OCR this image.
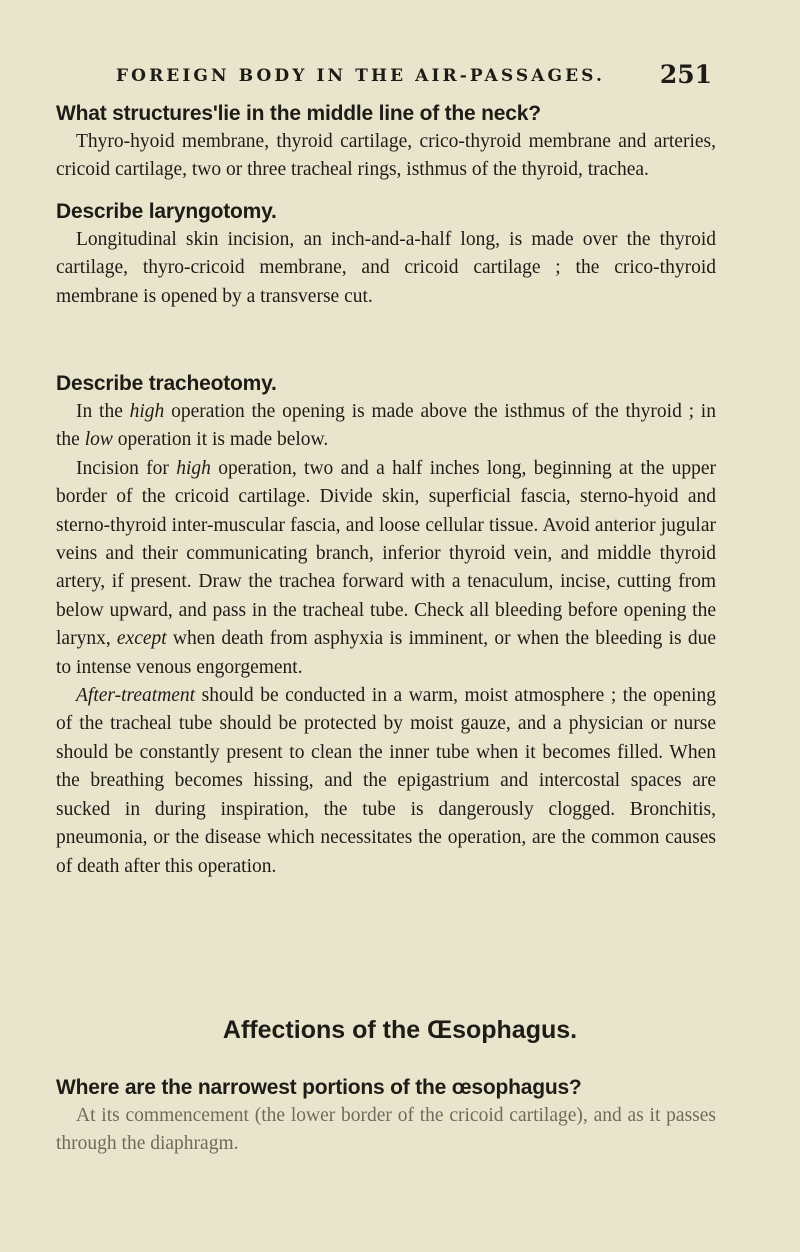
FOREIGN BODY IN THE AIR-PASSAGES. 251

What structures'lie in the middle line of the neck?

Thyro-hyoid membrane, thyroid cartilage, crico-thyroid membrane and arteries, cricoid cartilage, two or three tracheal rings, isthmus of the thyroid, trachea.

Describe laryngotomy.

Longitudinal skin incision, an inch-and-a-half long, is made over the thyroid cartilage, thyro-cricoid membrane, and cricoid cartilage ; the crico-thyroid membrane is opened by a transverse cut.

Describe tracheotomy.

In the high operation the opening is made above the isthmus of the thyroid ; in the low operation it is made below.

Incision for high operation, two and a half inches long, beginning at the upper border of the cricoid cartilage. Divide skin, superficial fascia, sterno-hyoid and sterno-thyroid inter-muscular fascia, and loose cellular tissue. Avoid anterior jugular veins and their communicating branch, inferior thyroid vein, and middle thyroid artery, if present. Draw the trachea forward with a tenaculum, incise, cutting from below upward, and pass in the tracheal tube. Check all bleeding before opening the larynx, except when death from asphyxia is imminent, or when the bleeding is due to intense venous engorgement.

After-treatment should be conducted in a warm, moist atmosphere ; the opening of the tracheal tube should be protected by moist gauze, and a physician or nurse should be constantly present to clean the inner tube when it becomes filled. When the breathing becomes hissing, and the epigastrium and intercostal spaces are sucked in during inspiration, the tube is dangerously clogged. Bronchitis, pneumonia, or the disease which necessitates the operation, are the common causes of death after this operation.

Affections of the Œsophagus.

Where are the narrowest portions of the œsophagus?

At its commencement (the lower border of the cricoid cartilage), and as it passes through the diaphragm.
